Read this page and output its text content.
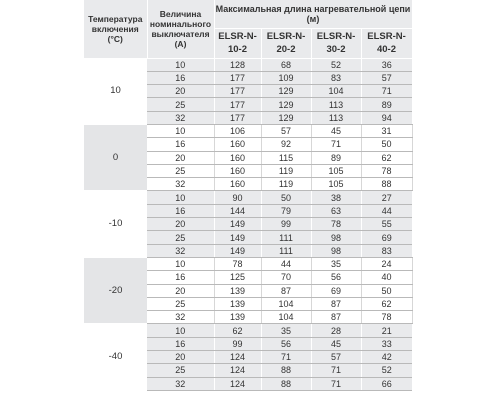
Температура включения (°C)	Величина номинального выключателя (А)	Максимальная длина нагревательной цепи (м)			
		ELSR-N-10-2	ELSR-N-20-2	ELSR-N-30-2	ELSR-N-40-2
10	10	128	68	52	36
	16	177	109	83	57
	20	177	129	104	71
	25	177	129	113	89
	32	177	129	113	94
0	10	106	57	45	31
	16	160	92	71	50
	20	160	115	89	62
	25	160	119	105	78
	32	160	119	105	88
-10	10	90	50	38	27
	16	144	79	63	44
	20	149	99	78	55
	25	149	111	98	69
	32	149	111	98	83
-20	10	78	44	35	24
	16	125	70	56	40
	20	139	87	69	50
	25	139	104	87	62
	32	139	104	87	78
-40	10	62	35	28	21
	16	99	56	45	33
	20	124	71	57	42
	25	124	88	71	52
	32	124	88	71	66
